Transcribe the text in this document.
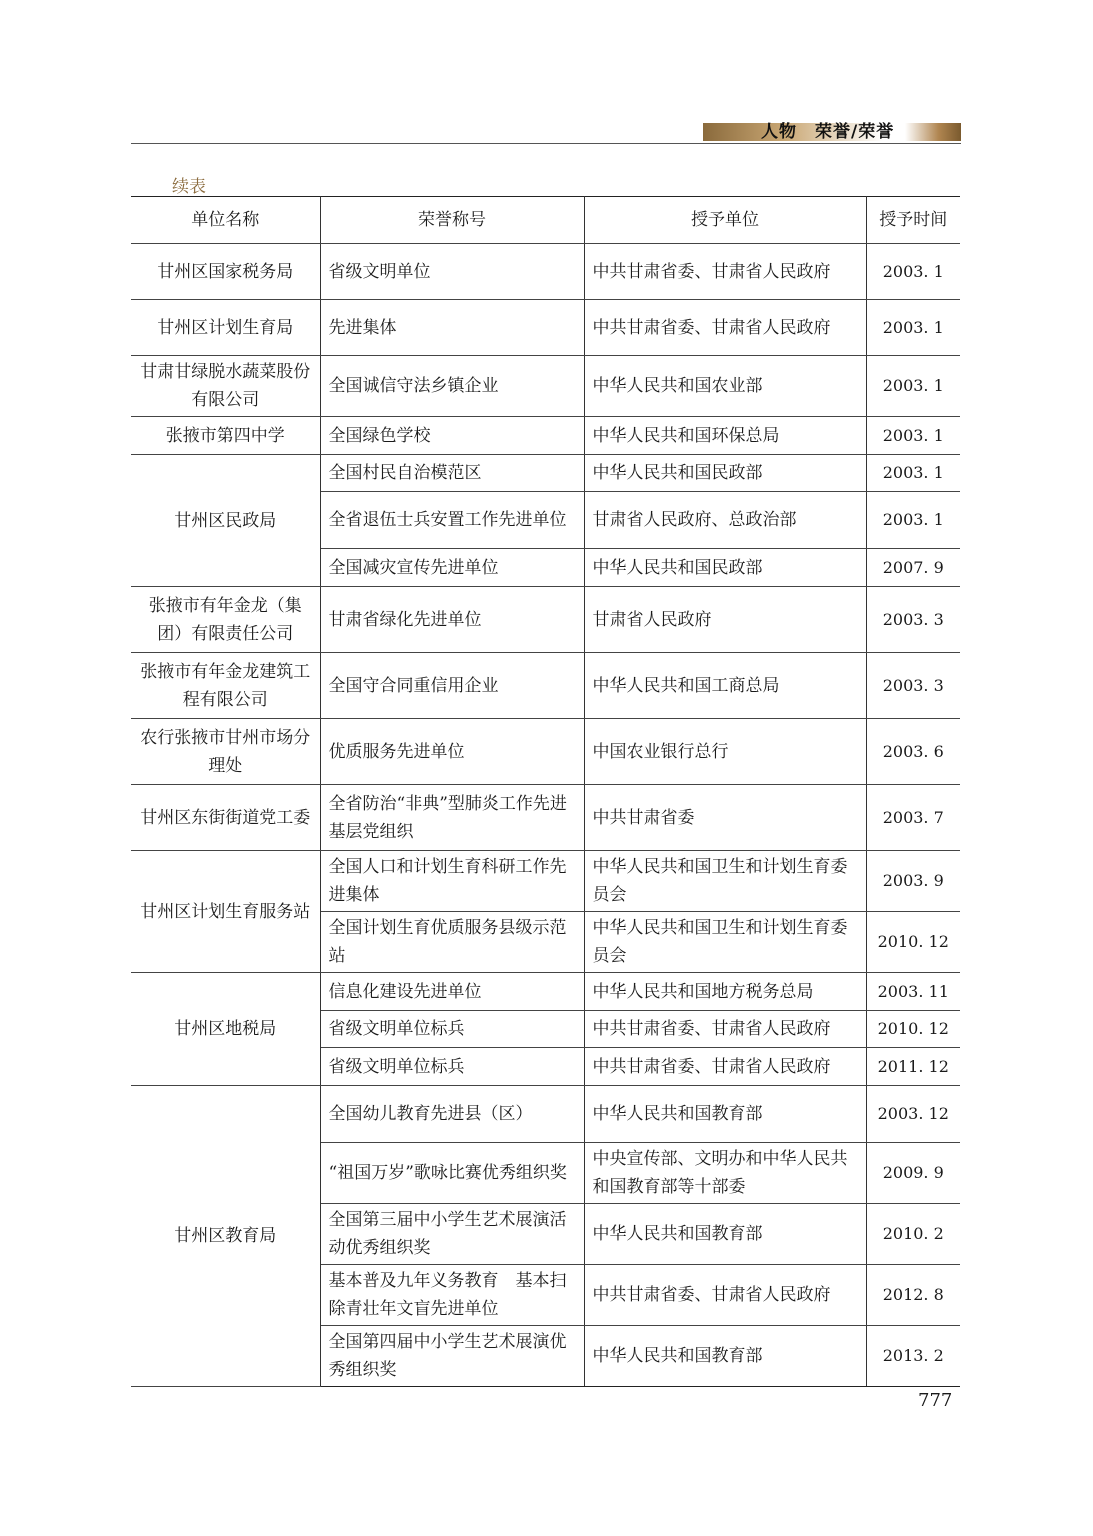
人物　荣誉/荣誉
续表
单位名称	荣誉称号	授予单位	授予时间
甘州区国家税务局	省级文明单位	中共甘肃省委、甘肃省人民政府	2003. 1
甘州区计划生育局	先进集体	中共甘肃省委、甘肃省人民政府	2003. 1
甘肃甘绿脱水蔬菜股份有限公司	全国诚信守法乡镇企业	中华人民共和国农业部	2003. 1
张掖市第四中学	全国绿色学校	中华人民共和国环保总局	2003. 1
甘州区民政局	全国村民自治模范区	中华人民共和国民政部	2003. 1
	全省退伍士兵安置工作先进单位	甘肃省人民政府、总政治部	2003. 1
	全国减灾宣传先进单位	中华人民共和国民政部	2007. 9
张掖市有年金龙（集团）有限责任公司	甘肃省绿化先进单位	甘肃省人民政府	2003. 3
张掖市有年金龙建筑工程有限公司	全国守合同重信用企业	中华人民共和国工商总局	2003. 3
农行张掖市甘州市场分理处	优质服务先进单位	中国农业银行总行	2003. 6
甘州区东街街道党工委	全省防治“非典”型肺炎工作先进基层党组织	中共甘肃省委	2003. 7
甘州区计划生育服务站	全国人口和计划生育科研工作先进集体	中华人民共和国卫生和计划生育委员会	2003. 9
	全国计划生育优质服务县级示范站	中华人民共和国卫生和计划生育委员会	2010. 12
甘州区地税局	信息化建设先进单位	中华人民共和国地方税务总局	2003. 11
	省级文明单位标兵	中共甘肃省委、甘肃省人民政府	2010. 12
	省级文明单位标兵	中共甘肃省委、甘肃省人民政府	2011. 12
甘州区教育局	全国幼儿教育先进县（区）	中华人民共和国教育部	2003. 12
	“祖国万岁”歌咏比赛优秀组织奖	中央宣传部、文明办和中华人民共和国教育部等十部委	2009. 9
	全国第三届中小学生艺术展演活动优秀组织奖	中华人民共和国教育部	2010. 2
	基本普及九年义务教育　基本扫除青壮年文盲先进单位	中共甘肃省委、甘肃省人民政府	2012. 8
	全国第四届中小学生艺术展演优秀组织奖	中华人民共和国教育部	2013. 2
777
